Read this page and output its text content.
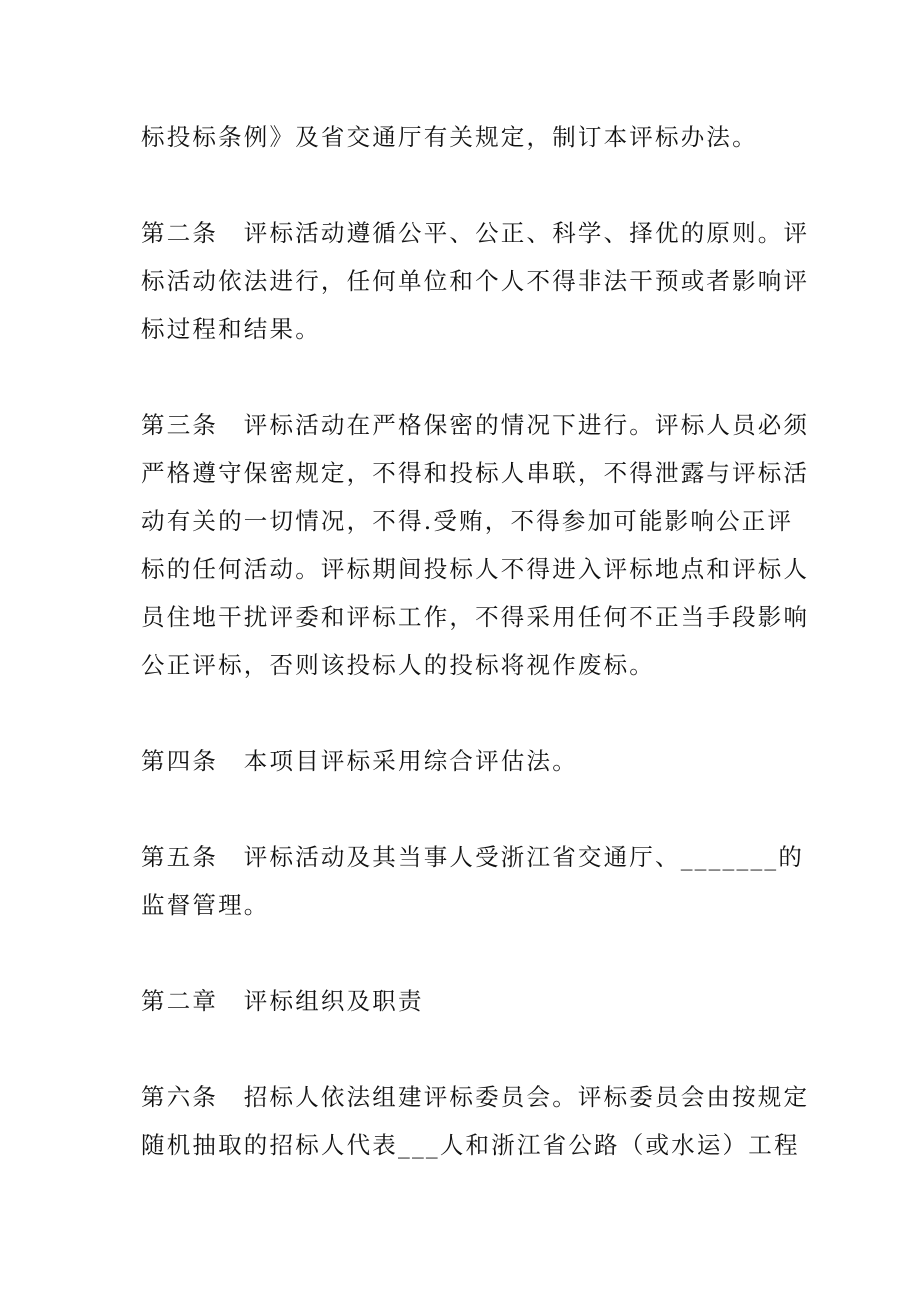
标投标条例》及省交通厅有关规定，制订本评标办法。
第二条　评标活动遵循公平、公正、科学、择优的原则。评
标活动依法进行，任何单位和个人不得非法干预或者影响评
标过程和结果。
第三条　评标活动在严格保密的情况下进行。评标人员必须
严格遵守保密规定，不得和投标人串联，不得泄露与评标活
动有关的一切情况，不得.受贿，不得参加可能影响公正评
标的任何活动。评标期间投标人不得进入评标地点和评标人
员住地干扰评委和评标工作，不得采用任何不正当手段影响
公正评标，否则该投标人的投标将视作废标。
第四条　本项目评标采用综合评估法。
第五条　评标活动及其当事人受浙江省交通厅、_______的
监督管理。
第二章　评标组织及职责
第六条　招标人依法组建评标委员会。评标委员会由按规定
随机抽取的招标人代表___人和浙江省公路（或水运）工程
